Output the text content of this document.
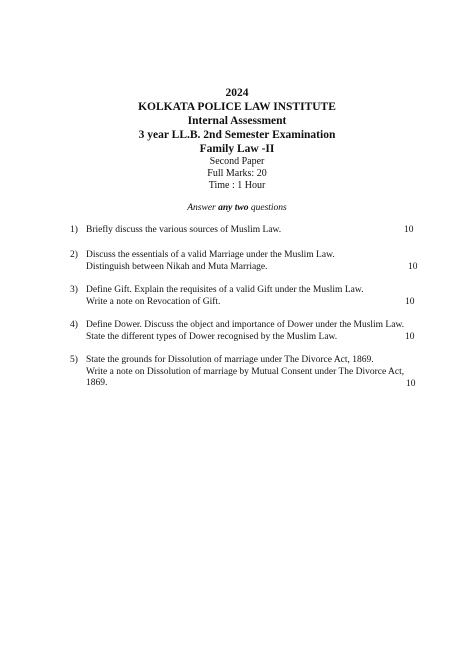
2024
KOLKATA POLICE LAW INSTITUTE
Internal Assessment
3 year LL.B. 2nd Semester Examination
Family Law -II
Second Paper
Full Marks: 20
Time : 1 Hour
Answer any two questions
1) Briefly discuss the various sources of Muslim Law.	10
2) Discuss the essentials of a valid Marriage under the Muslim Law.
Distinguish between Nikah and Muta Marriage.	10
3) Define Gift. Explain the requisites of a valid Gift under the Muslim Law.
Write a note on Revocation of Gift.	10
4) Define Dower. Discuss the object and importance of Dower under the Muslim Law.
State the different types of Dower recognised by the Muslim Law.	10
5) State the grounds for Dissolution of marriage under The Divorce Act, 1869.
Write a note on Dissolution of marriage by Mutual Consent under The Divorce Act,
1869.	10
